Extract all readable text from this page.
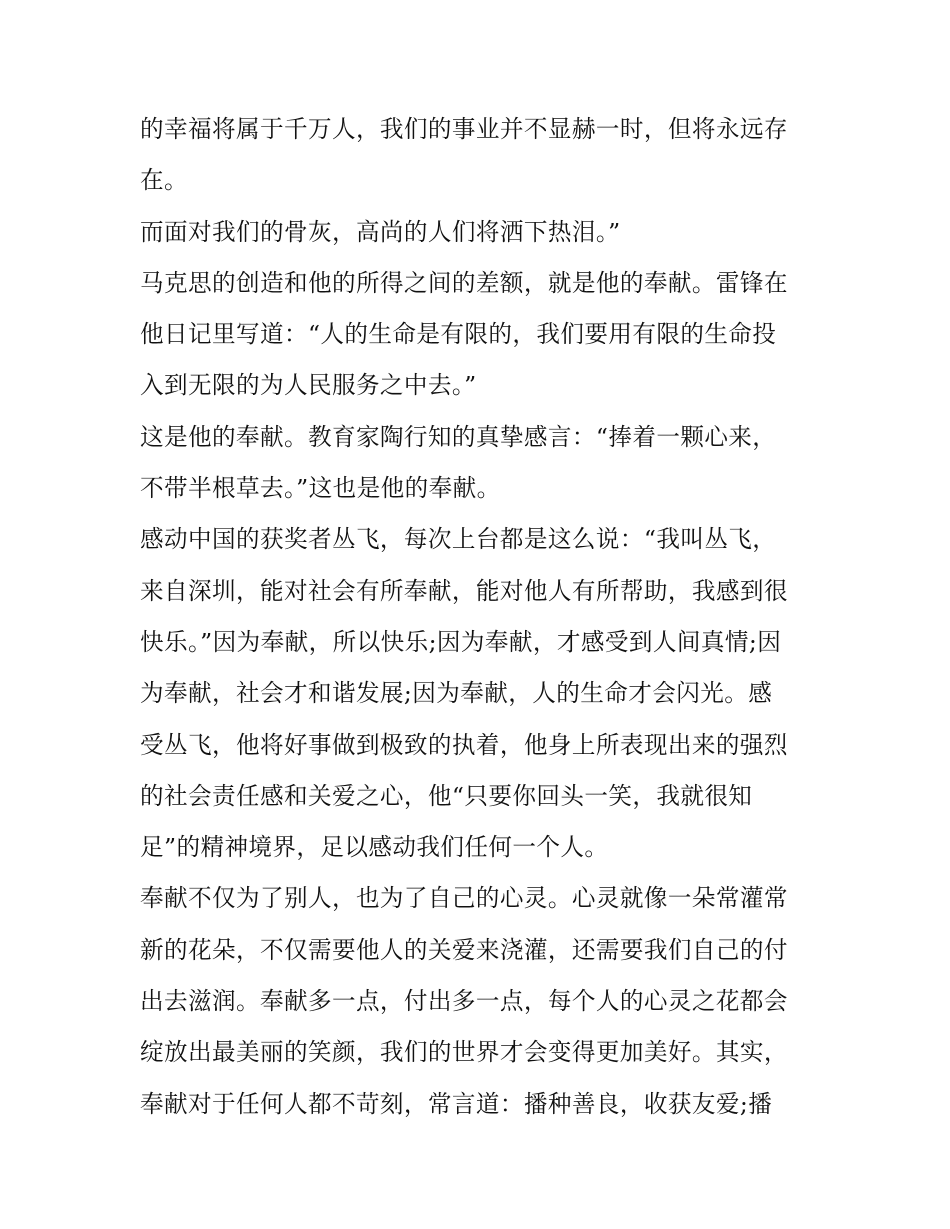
的幸福将属于千万人，我们的事业并不显赫一时，但将永远存
在。
而面对我们的骨灰，高尚的人们将洒下热泪。”
马克思的创造和他的所得之间的差额，就是他的奉献。雷锋在
他日记里写道：“人的生命是有限的，我们要用有限的生命投
入到无限的为人民服务之中去。”
这是他的奉献。教育家陶行知的真挚感言：“捧着一颗心来，
不带半根草去。”这也是他的奉献。
感动中国的获奖者丛飞，每次上台都是这么说：“我叫丛飞，
来自深圳，能对社会有所奉献，能对他人有所帮助，我感到很
快乐。”因为奉献，所以快乐;因为奉献，才感受到人间真情;因
为奉献，社会才和谐发展;因为奉献，人的生命才会闪光。感
受丛飞，他将好事做到极致的执着，他身上所表现出来的强烈
的社会责任感和关爱之心，他“只要你回头一笑，我就很知
足”的精神境界，足以感动我们任何一个人。
奉献不仅为了别人，也为了自己的心灵。心灵就像一朵常灌常
新的花朵，不仅需要他人的关爱来浇灌，还需要我们自己的付
出去滋润。奉献多一点，付出多一点，每个人的心灵之花都会
绽放出最美丽的笑颜，我们的世界才会变得更加美好。其实，
奉献对于任何人都不苛刻，常言道：播种善良，收获友爱;播
